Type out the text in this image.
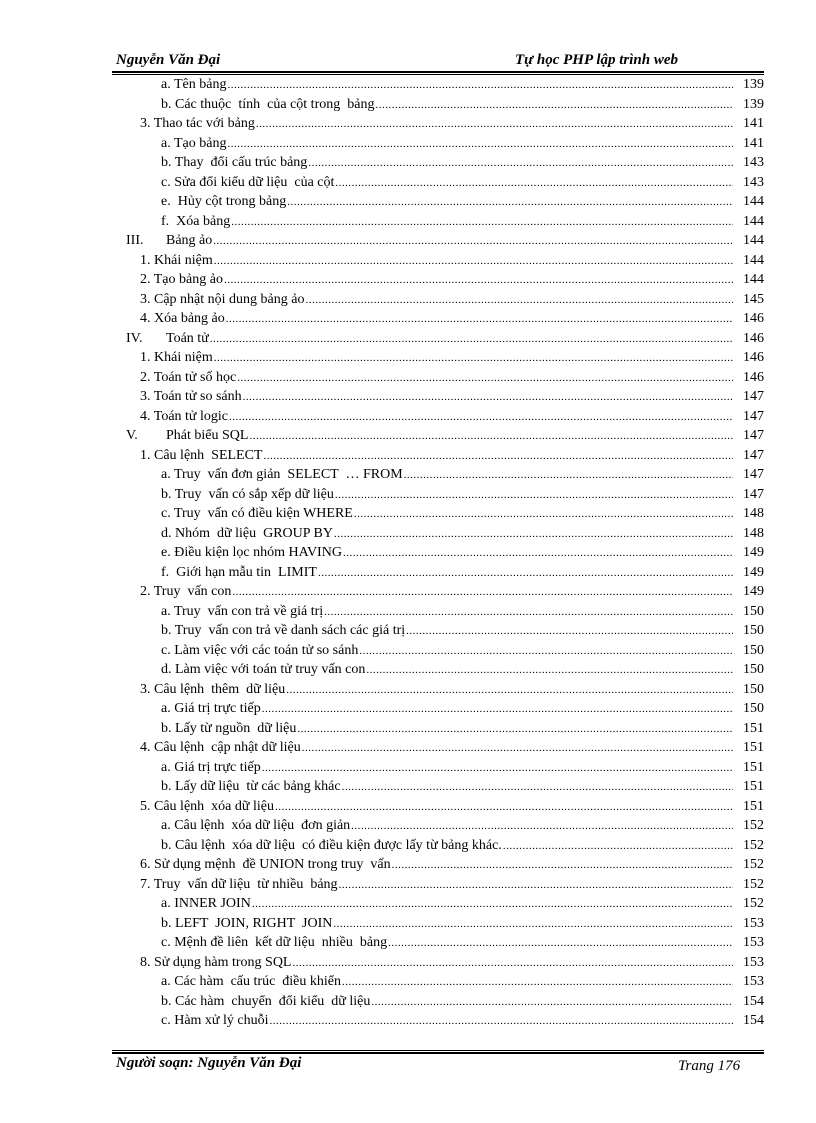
Nguyễn Văn Đại	Tự học PHP lập trình web
a. Tên bảng .....	139
b. Các thuộc  tính  của cột trong  bảng .....	139
3. Thao tác với bảng .....	141
a. Tạo bảng .....	141
b. Thay  đổi cấu trúc bảng .....	143
c. Sửa đổi kiểu dữ liệu  của cột .....	143
e.  Hủy cột trong bảng .....	144
f.  Xóa bảng .....	144
III. Bảng ảo .....	144
1. Khái niệm .....	144
2. Tạo bảng ảo .....	144
3. Cập nhật nội dung bảng ảo .....	145
4. Xóa bảng ảo .....	146
IV. Toán tử .....	146
1. Khái niệm .....	146
2. Toán tử số học .....	146
3. Toán tử so sánh .....	147
4. Toán tử logic .....	147
V. Phát biểu SQL .....	147
1. Câu lệnh  SELECT .....	147
a. Truy  vấn đơn giản  SELECT  … FROM .....	147
b. Truy  vấn có sắp xếp dữ liệu .....	147
c. Truy  vấn có điều kiện WHERE .....	148
d. Nhóm  dữ liệu  GROUP BY .....	148
e. Điều kiện lọc nhóm HAVING .....	149
f.  Giới hạn mẫu tin  LIMIT .....	149
2. Truy  vấn con .....	149
a. Truy  vấn con trả về giá trị .....	150
b. Truy  vấn con trả về danh sách các giá trị .....	150
c. Làm việc với các toán tử so sánh .....	150
d. Làm việc với toán tử truy vấn con .....	150
3. Câu lệnh  thêm  dữ liệu .....	150
a. Giá trị trực tiếp .....	150
b. Lấy từ nguồn  dữ liệu .....	151
4. Câu lệnh  cập nhật dữ liệu .....	151
a. Giá trị trực tiếp .....	151
b. Lấy dữ liệu  từ các bảng khác .....	151
5. Câu lệnh  xóa dữ liệu .....	151
a. Câu lệnh  xóa dữ liệu  đơn giản .....	152
b. Câu lệnh  xóa dữ liệu  có điều kiện được lấy từ bảng khác. .....	152
6. Sử dụng mệnh  đề UNION trong truy  vấn .....	152
7. Truy  vấn dữ liệu  từ nhiều  bảng .....	152
a. INNER JOIN .....	152
b. LEFT  JOIN, RIGHT  JOIN .....	153
c. Mệnh đề liên  kết dữ liệu  nhiều  bảng .....	153
8. Sử dụng hàm trong SQL .....	153
a. Các hàm  cấu trúc  điều khiển .....	153
b. Các hàm  chuyển  đổi kiểu  dữ liệu .....	154
c. Hàm xử lý chuỗi .....	154
Người soạn: Nguyễn Văn Đại	Trang 176
